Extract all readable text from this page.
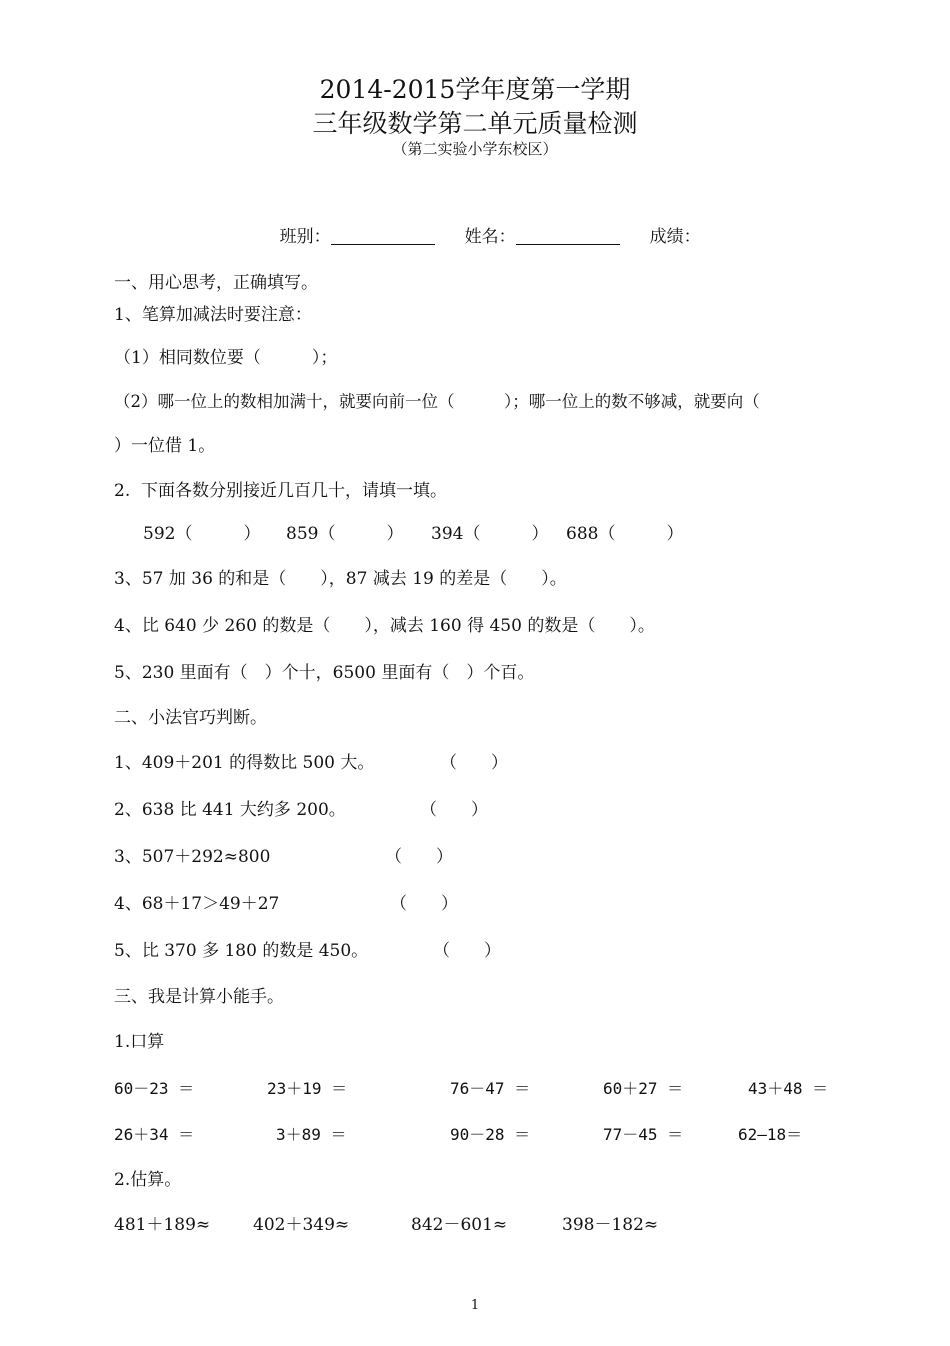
2014-2015学年度第一学期
三年级数学第二单元质量检测
（第二实验小学东校区）

班别：	姓名：	成绩：

一、用心思考，正确填写。
1、笔算加减法时要注意：
（1）相同数位要（　　　）；
（2）哪一位上的数相加满十，就要向前一位（　　　）；哪一位上的数不够减，就要向（
）一位借 1。
2.  下面各数分别接近几百几十，请填一填。
592（　　　） 859（　　　） 394（　　　） 688（　　　）
3、57 加 36 的和是（　　），87 减去 19 的差是（　　）。
4、比 640 少 260 的数是（　　），减去 160 得 450 的数是（　　）。
5、230 里面有（　）个十，6500 里面有（　）个百。
二、小法官巧判断。
1、409＋201 的得数比 500 大。	（　　）
2、638 比 441 大约多 200。	（　　）
3、507＋292≈800	（　　）
4、68＋17＞49＋27	（　　）
5、比 370 多 180 的数是 450。	（　　）
三、我是计算小能手。
1.口算
60－23 ＝	23＋19 ＝	76－47 ＝	60＋27 ＝	43＋48 ＝
26＋34 ＝	3＋89 ＝	90－28 ＝	77－45 ＝	62—18＝
2.估算。
481＋189≈	402＋349≈	842－601≈	398－182≈
1
